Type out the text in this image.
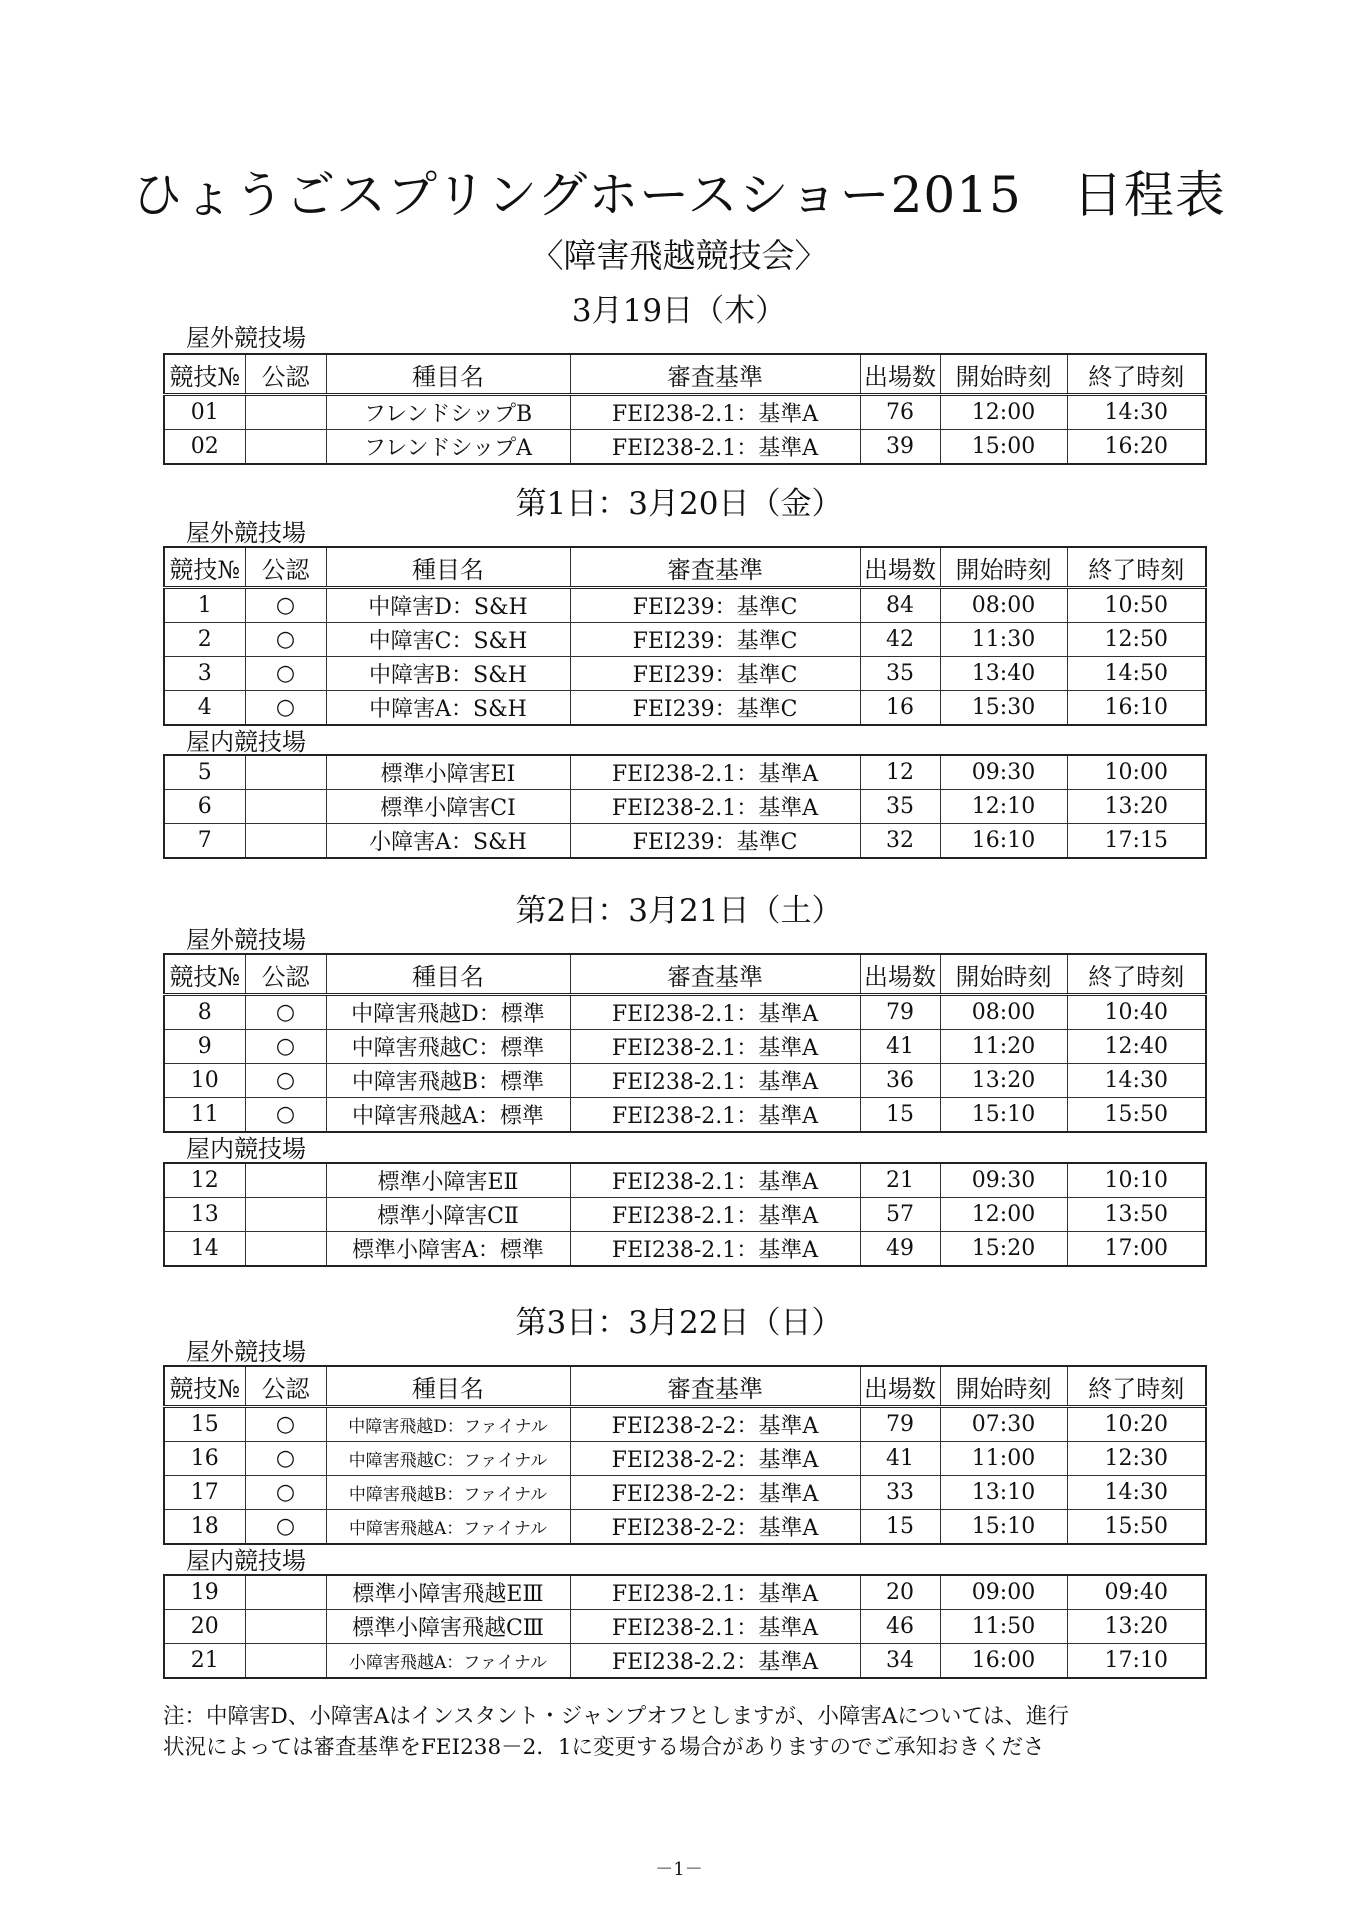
ひょうごスプリングホースショー2015　日程表
〈障害飛越競技会〉
3月19日（木）
屋外競技場
競技№	公認	種目名	審査基準	出場数	開始時刻	終了時刻
01		フレンドシップB	FEI238-2.1：基準A	76	12:00	14:30
02		フレンドシップA	FEI238-2.1：基準A	39	15:00	16:20
第1日：3月20日（金）
屋外競技場
競技№	公認	種目名	審査基準	出場数	開始時刻	終了時刻
1	○	中障害D：S&H	FEI239：基準C	84	08:00	10:50
2	○	中障害C：S&H	FEI239：基準C	42	11:30	12:50
3	○	中障害B：S&H	FEI239：基準C	35	13:40	14:50
4	○	中障害A：S&H	FEI239：基準C	16	15:30	16:10
屋内競技場
5		標準小障害EⅠ	FEI238-2.1：基準A	12	09:30	10:00
6		標準小障害CⅠ	FEI238-2.1：基準A	35	12:10	13:20
7		小障害A：S&H	FEI239：基準C	32	16:10	17:15
第2日：3月21日（土）
屋外競技場
競技№	公認	種目名	審査基準	出場数	開始時刻	終了時刻
8	○	中障害飛越D：標準	FEI238-2.1：基準A	79	08:00	10:40
9	○	中障害飛越C：標準	FEI238-2.1：基準A	41	11:20	12:40
10	○	中障害飛越B：標準	FEI238-2.1：基準A	36	13:20	14:30
11	○	中障害飛越A：標準	FEI238-2.1：基準A	15	15:10	15:50
屋内競技場
12		標準小障害EⅡ	FEI238-2.1：基準A	21	09:30	10:10
13		標準小障害CⅡ	FEI238-2.1：基準A	57	12:00	13:50
14		標準小障害A：標準	FEI238-2.1：基準A	49	15:20	17:00
第3日：3月22日（日）
屋外競技場
競技№	公認	種目名	審査基準	出場数	開始時刻	終了時刻
15	○	中障害飛越D：ファイナル	FEI238-2-2：基準A	79	07:30	10:20
16	○	中障害飛越C：ファイナル	FEI238-2-2：基準A	41	11:00	12:30
17	○	中障害飛越B：ファイナル	FEI238-2-2：基準A	33	13:10	14:30
18	○	中障害飛越A：ファイナル	FEI238-2-2：基準A	15	15:10	15:50
屋内競技場
19		標準小障害飛越EⅢ	FEI238-2.1：基準A	20	09:00	09:40
20		標準小障害飛越CⅢ	FEI238-2.1：基準A	46	11:50	13:20
21		小障害飛越A：ファイナル	FEI238-2.2：基準A	34	16:00	17:10
注：中障害D、小障害Aはインスタント・ジャンプオフとしますが、小障害Aについては、進行
状況によっては審査基準をFEI238－2．1に変更する場合がありますのでご承知おきくださ
－1－
